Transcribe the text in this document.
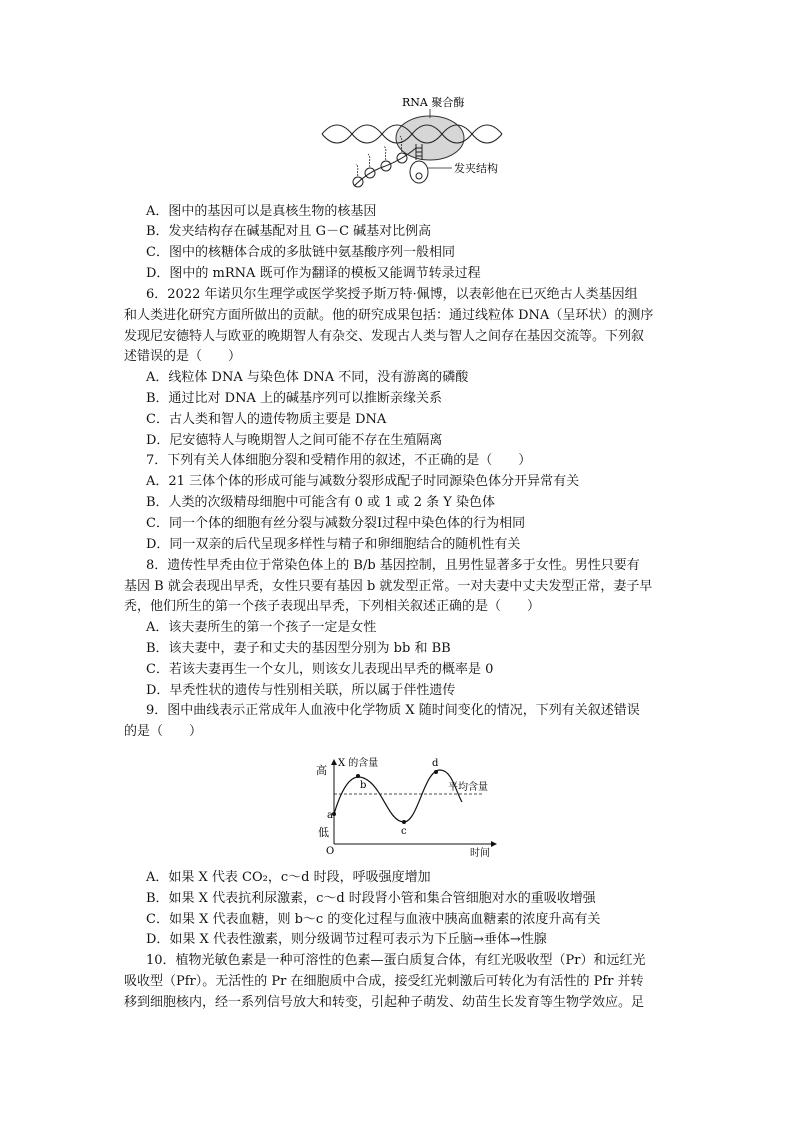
RNA 聚合酶
发夹结构
A．图中的基因可以是真核生物的核基因
B．发夹结构存在碱基配对且 G－C 碱基对比例高
C．图中的核糖体合成的多肽链中氨基酸序列一般相同
D．图中的 mRNA 既可作为翻译的模板又能调节转录过程
6．2022 年诺贝尔生理学或医学奖授予斯万特·佩博，以表彰他在已灭绝古人类基因组
和人类进化研究方面所做出的贡献。他的研究成果包括：通过线粒体 DNA（呈环状）的测序
发现尼安德特人与欧亚的晚期智人有杂交、发现古人类与智人之间存在基因交流等。下列叙
述错误的是（　　）
A．线粒体 DNA 与染色体 DNA 不同，没有游离的磷酸
B．通过比对 DNA 上的碱基序列可以推断亲缘关系
C．古人类和智人的遗传物质主要是 DNA
D．尼安德特人与晚期智人之间可能不存在生殖隔离
7．下列有关人体细胞分裂和受精作用的叙述，不正确的是（　　）
A．21 三体个体的形成可能与减数分裂形成配子时同源染色体分开异常有关
B．人类的次级精母细胞中可能含有 0 或 1 或 2 条 Y 染色体
C．同一个体的细胞有丝分裂与减数分裂Ⅰ过程中染色体的行为相同
D．同一双亲的后代呈现多样性与精子和卵细胞结合的随机性有关
8．遗传性早秃由位于常染色体上的 B/b 基因控制，且男性显著多于女性。男性只要有
基因 B 就会表现出早秃，女性只要有基因 b 就发型正常。一对夫妻中丈夫发型正常，妻子早
秃，他们所生的第一个孩子表现出早秃，下列相关叙述正确的是（　　）
A．该夫妻所生的第一个孩子一定是女性
B．该夫妻中，妻子和丈夫的基因型分别为 bb 和 BB
C．若该夫妻再生一个女儿，则该女儿表现出早秃的概率是 0
D．早秃性状的遗传与性别相关联，所以属于伴性遗传
9．图中曲线表示正常成年人血液中化学物质 X 随时间变化的情况，下列有关叙述错误
的是（　　）
高
X 的含量
低
O	时间
平均含量
a
b
c
d
A．如果 X 代表 CO₂，c～d 时段，呼吸强度增加
B．如果 X 代表抗利尿激素，c～d 时段肾小管和集合管细胞对水的重吸收增强
C．如果 X 代表血糖，则 b～c 的变化过程与血液中胰高血糖素的浓度升高有关
D．如果 X 代表性激素，则分级调节过程可表示为下丘脑→垂体→性腺
10．植物光敏色素是一种可溶性的色素—蛋白质复合体，有红光吸收型（Pr）和远红光
吸收型（Pfr）。无活性的 Pr 在细胞质中合成，接受红光刺激后可转化为有活性的 Pfr 并转
移到细胞核内，经一系列信号放大和转变，引起种子萌发、幼苗生长发育等生物学效应。足
